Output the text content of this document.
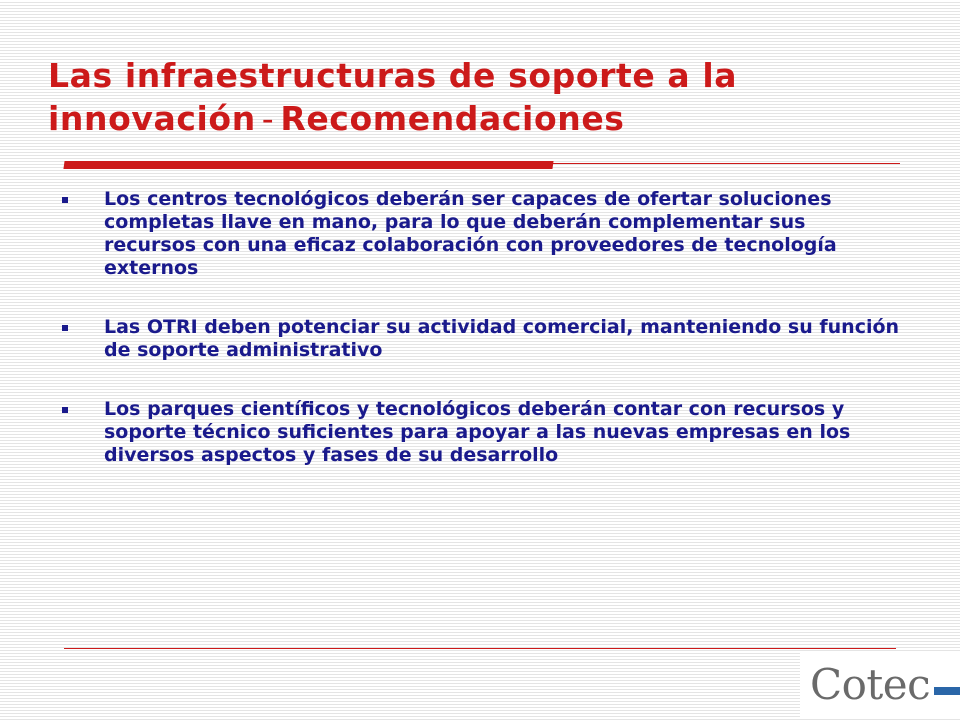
Las infraestructuras de soporte a la innovación - Recomendaciones
Los centros tecnológicos deberán ser capaces de ofertar soluciones completas llave en mano, para lo que deberán complementar sus recursos con una eficaz colaboración con proveedores de tecnología externos
Las OTRI deben potenciar su actividad comercial, manteniendo su función de soporte administrativo
Los parques científicos y tecnológicos deberán contar con recursos y soporte técnico suficientes para apoyar a las nuevas empresas en los diversos aspectos y fases de su desarrollo
Cotec
